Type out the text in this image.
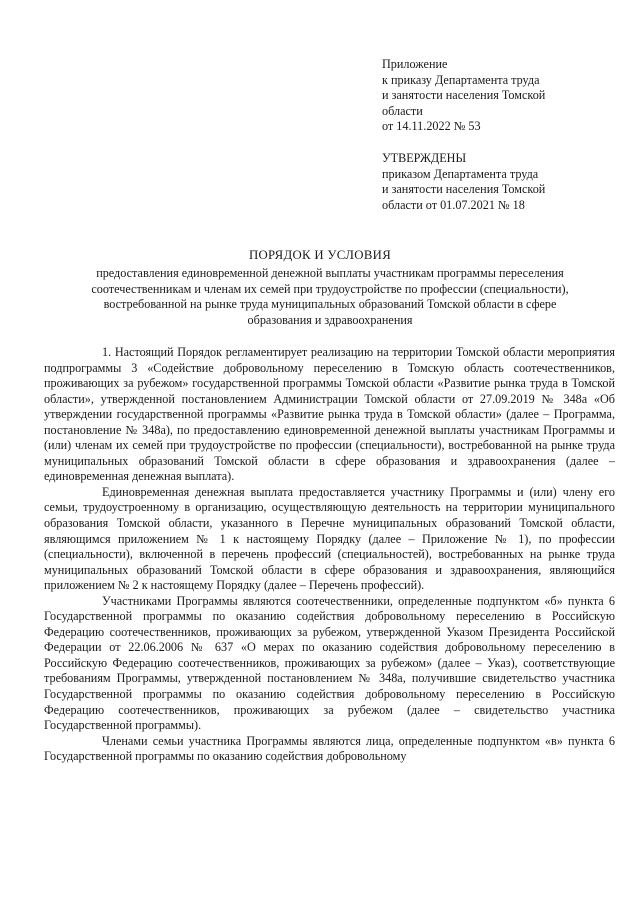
Приложение
к приказу Департамента труда
и занятости населения Томской
области
от 14.11.2022 № 53
УТВЕРЖДЕНЫ
приказом Департамента труда
и занятости населения Томской
области от 01.07.2021 № 18
ПОРЯДОК И УСЛОВИЯ
предоставления единовременной денежной выплаты участникам программы переселения
соотечественникам и членам их семей при трудоустройстве по профессии (специальности),
востребованной на рынке труда муниципальных образований Томской области в сфере
образования и здравоохранения

1. Настоящий Порядок регламентирует реализацию на территории Томской области мероприятия подпрограммы 3 «Содействие добровольному переселению в Томскую область соотечественников, проживающих за рубежом» государственной программы Томской области «Развитие рынка труда в Томской области», утвержденной постановлением Администрации Томской области от 27.09.2019 № 348а «Об утверждении государственной программы «Развитие рынка труда в Томской области» (далее – Программа, постановление № 348а), по предоставлению единовременной денежной выплаты участникам Программы и (или) членам их семей при трудоустройстве по профессии (специальности), востребованной на рынке труда муниципальных образований Томской области в сфере образования и здравоохранения (далее – единовременная денежная выплата).

Единовременная денежная выплата предоставляется участнику Программы и (или) члену его семьи, трудоустроенному в организацию, осуществляющую деятельность на территории муниципального образования Томской области, указанного в Перечне муниципальных образований Томской области, являющимся приложением № 1 к настоящему Порядку (далее – Приложение № 1), по профессии (специальности), включенной в перечень профессий (специальностей), востребованных на рынке труда муниципальных образований Томской области в сфере образования и здравоохранения, являющийся приложением № 2 к настоящему Порядку (далее – Перечень профессий).

Участниками Программы являются соотечественники, определенные подпунктом «б» пункта 6 Государственной программы по оказанию содействия добровольному переселению в Российскую Федерацию соотечественников, проживающих за рубежом, утвержденной Указом Президента Российской Федерации от 22.06.2006 № 637 «О мерах по оказанию содействия добровольному переселению в Российскую Федерацию соотечественников, проживающих за рубежом» (далее – Указ), соответствующие требованиям Программы, утвержденной постановлением № 348а, получившие свидетельство участника Государственной программы по оказанию содействия добровольному переселению в Российскую Федерацию соотечественников, проживающих за рубежом (далее – свидетельство участника Государственной программы).

Членами семьи участника Программы являются лица, определенные подпунктом «в» пункта 6 Государственной программы по оказанию содействия добровольному
